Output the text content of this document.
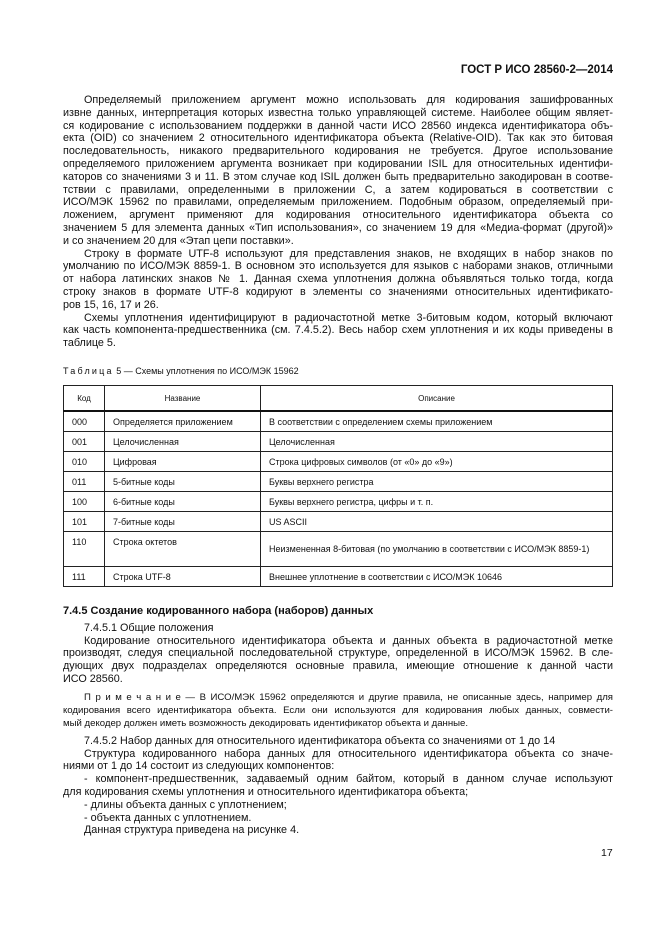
ГОСТ Р ИСО 28560-2—2014
Определяемый приложением аргумент можно использовать для кодирования зашифрованных
извне данных, интерпретация которых известна только управляющей системе. Наиболее общим являет-
ся кодирование с использованием поддержки в данной части ИСО 28560 индекса идентификатора объ-
екта (OID) со значением 2 относительного идентификатора объекта (Relative-OID). Так как это битовая
последовательность, никакого предварительного кодирования не требуется. Другое использование
определяемого приложением аргумента возникает при кодировании ISIL для относительных идентифи-
каторов со значениями 3 и 11. В этом случае код ISIL должен быть предварительно закодирован в соотве-
тствии с правилами, определенными в приложении С, а затем кодироваться в соответствии с
ИСО/МЭК 15962 по правилами, определяемым приложением. Подобным образом, определяемый при-
ложением, аргумент применяют для кодирования относительного идентификатора объекта со
значением 5 для элемента данных «Тип использования», со значением 19 для «Медиа-формат (другой)»
и со значением 20 для «Этап цепи поставки».
Строку в формате UTF-8 используют для представления знаков, не входящих в набор знаков по
умолчанию по ИСО/МЭК 8859-1. В основном это используется для языков с наборами знаков, отличными
от набора латинских знаков № 1. Данная схема уплотнения должна объявляться только тогда, когда
строку знаков в формате UTF-8 кодируют в элементы со значениями относительных идентификато-
ров 15, 16, 17 и 26.
Схемы уплотнения идентифицируют в радиочастотной метке 3-битовым кодом, который включают
как часть компонента-предшественника (см. 7.4.5.2). Весь набор схем уплотнения и их коды приведены в
таблице 5.
Таблица 5 — Схемы уплотнения по ИСО/МЭК 15962
Код	Название	Описание
000	Определяется приложением	В соответствии с определением схемы приложением
001	Целочисленная	Целочисленная
010	Цифровая	Строка цифровых символов (от «0» до «9»)
011	5-битные коды	Буквы верхнего регистра
100	6-битные коды	Буквы верхнего регистра, цифры и т. п.
101	7-битные коды	US ASCII
110	Строка октетов	Неизмененная 8-битовая (по умолчанию в соответствии с ИСО/МЭК 8859-1)
111	Строка UTF-8	Внешнее уплотнение в соответствии с ИСО/МЭК 10646
7.4.5 Создание кодированного набора (наборов) данных
7.4.5.1 Общие положения
Кодирование относительного идентификатора объекта и данных объекта в радиочастотной метке
производят, следуя специальной последовательной структуре, определенной в ИСО/МЭК 15962. В сле-
дующих двух подразделах определяются основные правила, имеющие отношение к данной части
ИСО 28560.
П р и м е ч а н и е — В ИСО/МЭК 15962 определяются и другие правила, не описанные здесь, например для
кодирования всего идентификатора объекта. Если они используются для кодирования любых данных, совмести-
мый декодер должен иметь возможность декодировать идентификатор объекта и данные.
7.4.5.2 Набор данных для относительного идентификатора объекта со значениями от 1 до 14
Структура кодированного набора данных для относительного идентификатора объекта со значе-
ниями от 1 до 14 состоит из следующих компонентов:
- компонент-предшественник, задаваемый одним байтом, который в данном случае используют
для кодирования схемы уплотнения и относительного идентификатора объекта;
- длины объекта данных с уплотнением;
- объекта данных с уплотнением.
Данная структура приведена на рисунке 4.
17
